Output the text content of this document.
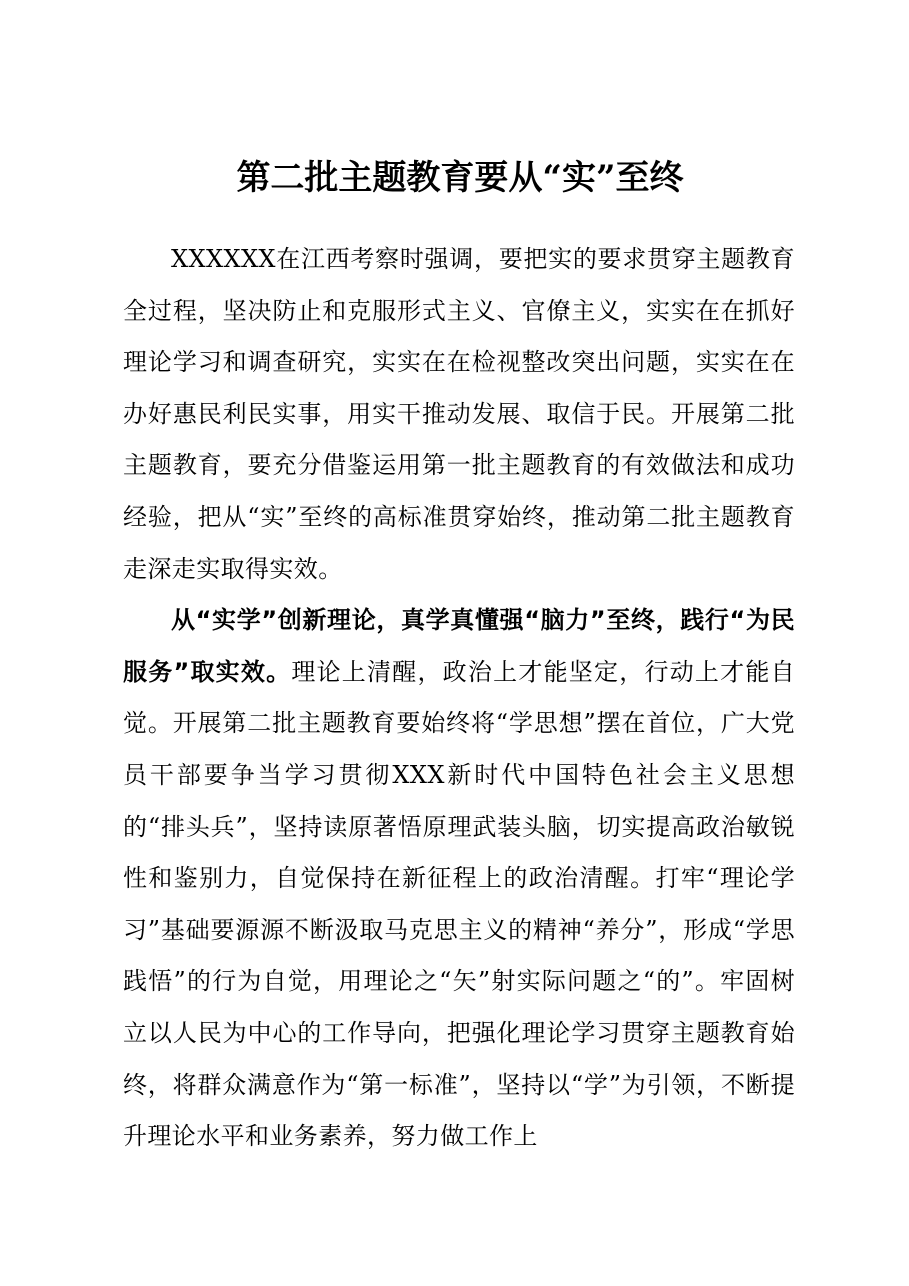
第二批主题教育要从“实”至终

XXXXXX在江西考察时强调，要把实的要求贯穿主题教育全过程，坚决防止和克服形式主义、官僚主义，实实在在抓好理论学习和调查研究，实实在在检视整改突出问题，实实在在办好惠民利民实事，用实干推动发展、取信于民。开展第二批主题教育，要充分借鉴运用第一批主题教育的有效做法和成功经验，把从“实”至终的高标准贯穿始终，推动第二批主题教育走深走实取得实效。

从“实学”创新理论，真学真懂强“脑力”至终，践行“为民服务”取实效。理论上清醒，政治上才能坚定，行动上才能自觉。开展第二批主题教育要始终将“学思想”摆在首位，广大党员干部要争当学习贯彻XXX新时代中国特色社会主义思想的“排头兵”，坚持读原著悟原理武装头脑，切实提高政治敏锐性和鉴别力，自觉保持在新征程上的政治清醒。打牢“理论学习”基础要源源不断汲取马克思主义的精神“养分”，形成“学思践悟”的行为自觉，用理论之“矢”射实际问题之“的”。牢固树立以人民为中心的工作导向，把强化理论学习贯穿主题教育始终，将群众满意作为“第一标准”，坚持以“学”为引领，不断提升理论水平和业务素养，努力做工作上
